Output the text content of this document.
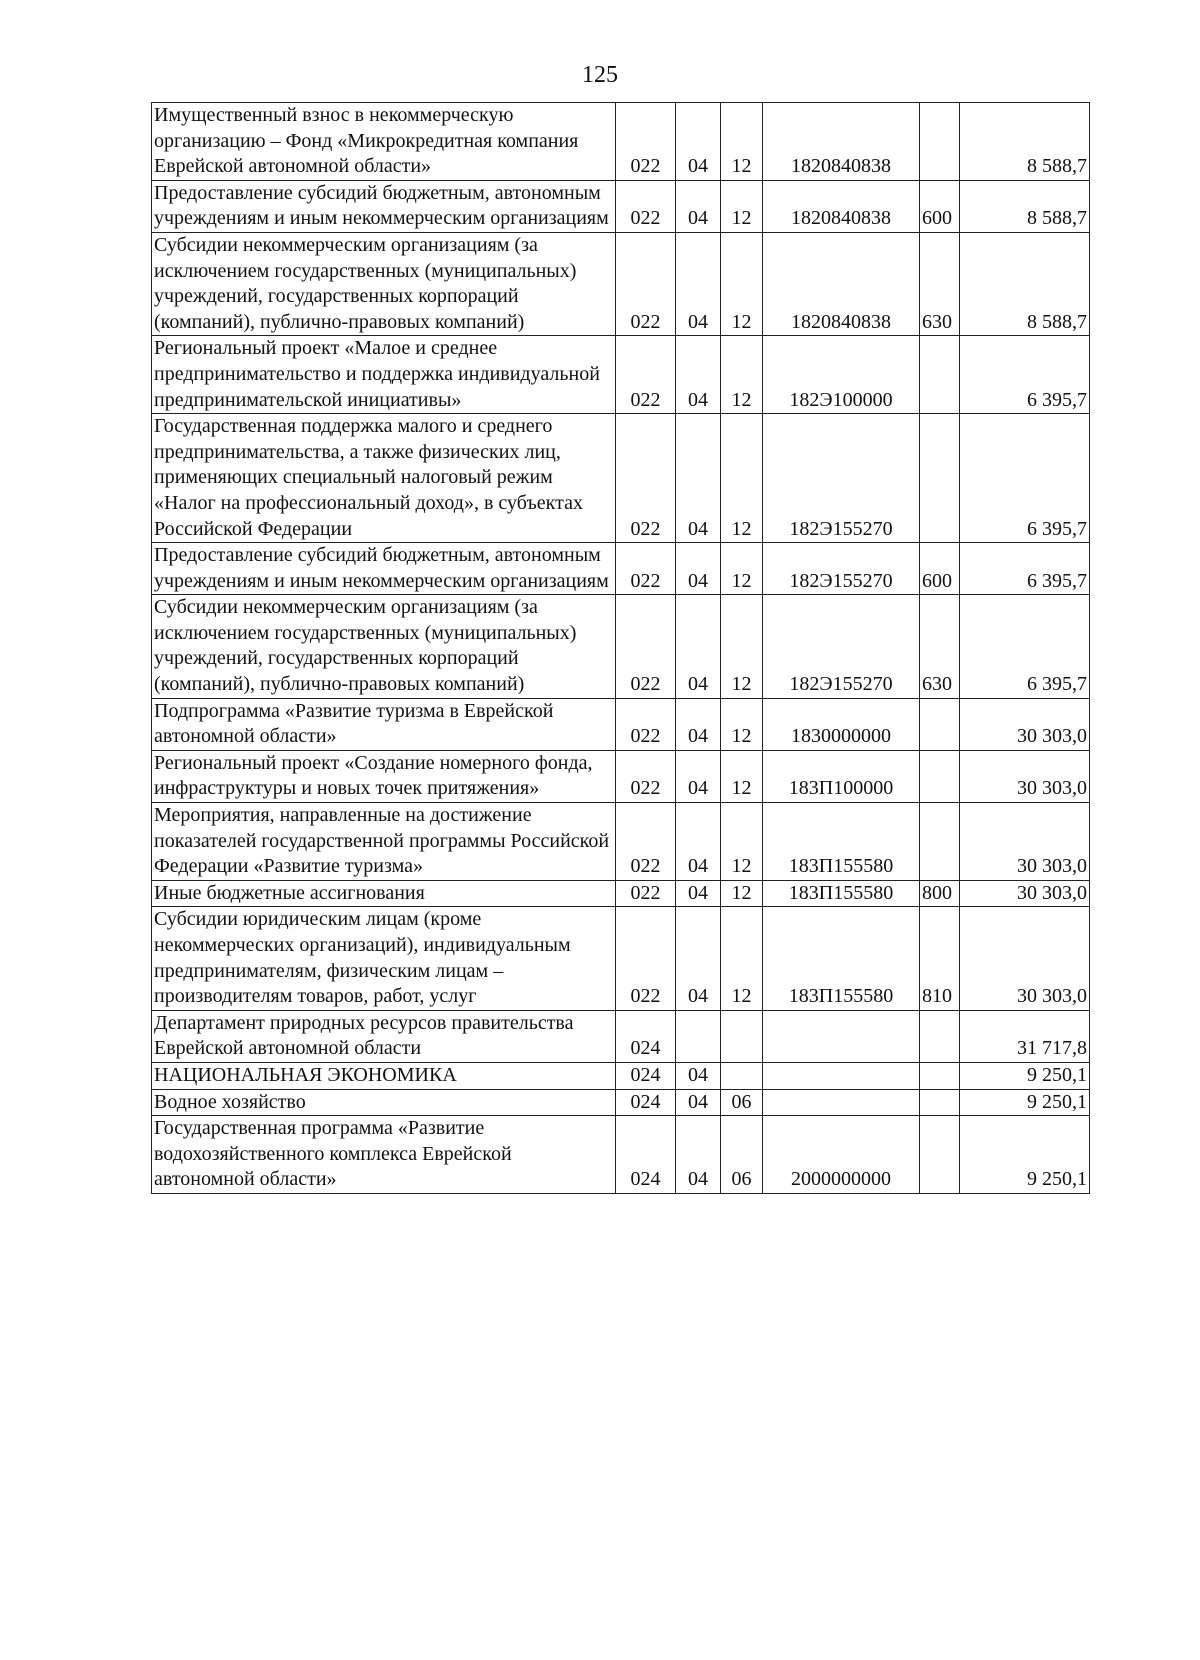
125
Имущественный взнос в некоммерческую организацию – Фонд «Микрокредитная компания Еврейской автономной области»	022	04	12	1820840838		8 588,7
Предоставление субсидий бюджетным, автономным учреждениям и иным некоммерческим организациям	022	04	12	1820840838	600	8 588,7
Субсидии некоммерческим организациям (за исключением государственных (муниципальных) учреждений, государственных корпораций (компаний), публично-правовых компаний)	022	04	12	1820840838	630	8 588,7
Региональный проект «Малое и среднее предпринимательство и поддержка индивидуальной предпринимательской инициативы»	022	04	12	182Э100000		6 395,7
Государственная поддержка малого и среднего предпринимательства, а также физических лиц, применяющих специальный налоговый режим «Налог на профессиональный доход», в субъектах Российской Федерации	022	04	12	182Э155270		6 395,7
Предоставление субсидий бюджетным, автономным учреждениям и иным некоммерческим организациям	022	04	12	182Э155270	600	6 395,7
Субсидии некоммерческим организациям (за исключением государственных (муниципальных) учреждений, государственных корпораций (компаний), публично-правовых компаний)	022	04	12	182Э155270	630	6 395,7
Подпрограмма «Развитие туризма в Еврейской автономной области»	022	04	12	1830000000		30 303,0
Региональный проект «Создание номерного фонда, инфраструктуры и новых точек притяжения»	022	04	12	183П100000		30 303,0
Мероприятия, направленные на достижение показателей государственной программы Российской Федерации «Развитие туризма»	022	04	12	183П155580		30 303,0
Иные бюджетные ассигнования	022	04	12	183П155580	800	30 303,0
Субсидии юридическим лицам (кроме некоммерческих организаций), индивидуальным предпринимателям, физическим лицам – производителям товаров, работ, услуг	022	04	12	183П155580	810	30 303,0
Департамент природных ресурсов правительства Еврейской автономной области	024					31 717,8
НАЦИОНАЛЬНАЯ ЭКОНОМИКА	024	04				9 250,1
Водное хозяйство	024	04	06			9 250,1
Государственная программа «Развитие водохозяйственного комплекса Еврейской автономной области»	024	04	06	2000000000		9 250,1
